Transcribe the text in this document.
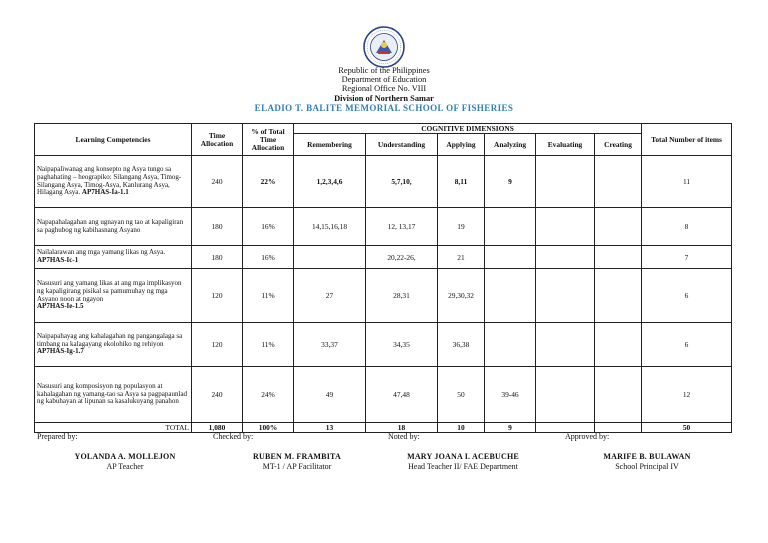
Republic of the Philippines
Department of Education
Regional Office No. VIII
Division of Northern Samar
ELADIO T. BALITE MEMORIAL SCHOOL OF FISHERIES
Learning Competencies	Time Allocation	% of Total Time Allocation	COGNITIVE DIMENSIONS						Total Number of items
			Remembering	Understanding	Applying	Analyzing	Evaluating	Creating	
Naipapaliwanag ang konsepto ng Asya tungo sa paghahating – heograpiko: Silangang Asya, Timog- Silangang Asya, Timog-Asya, Kanlurang Asya, Hilagang Asya. AP7HAS-Ia-1.1	240	22%	1,2,3,4,6	5,7,10,	8,11	9			11
Napapahalagahan ang ugnayan ng tao at kapaligiran sa paghubog ng kabihasnang Asyano	180	16%	14,15,16,18	12, 13,17	19				8
Nailalarawan ang mga yamang likas ng Asya. AP7HAS-Ic-1	180	16%		20,22-26,	21				7
Nasusuri ang yamang likas at ang mga implikasyon ng kapaligirang pisikal sa pamumuhay ng mga Asyano noon at ngayon
AP7HAS-Ie-1.5	120	11%	27	28,31	29,30,32				6
Naipapahayag ang kahalagahan ng pangangalaga sa timbang na kalagayang ekolohiko ng rehiyon
AP7HAS-Ig-1.7	120	11%	33,37	34,35	36,38				6
Nasusuri ang komposisyon ng populasyon at kahalagahan ng yamang-tao sa Asya sa pagpapaunlad ng kabuhayan at lipunan sa kasalukuyang panahon	240	24%	49	47,48	50	39-46			12
TOTAL	1,080	100%	13	18	10	9			50
Prepared by:	Checked by:	Noted by:	Approved by:
YOLANDA A. MOLLEJON
AP Teacher
RUBEN M. FRAMBITA
MT-1 / AP Facilitator
MARY JOANA I. ACEBUCHE
Head Teacher II/ FAE Department
MARIFE B. BULAWAN
School Principal IV
